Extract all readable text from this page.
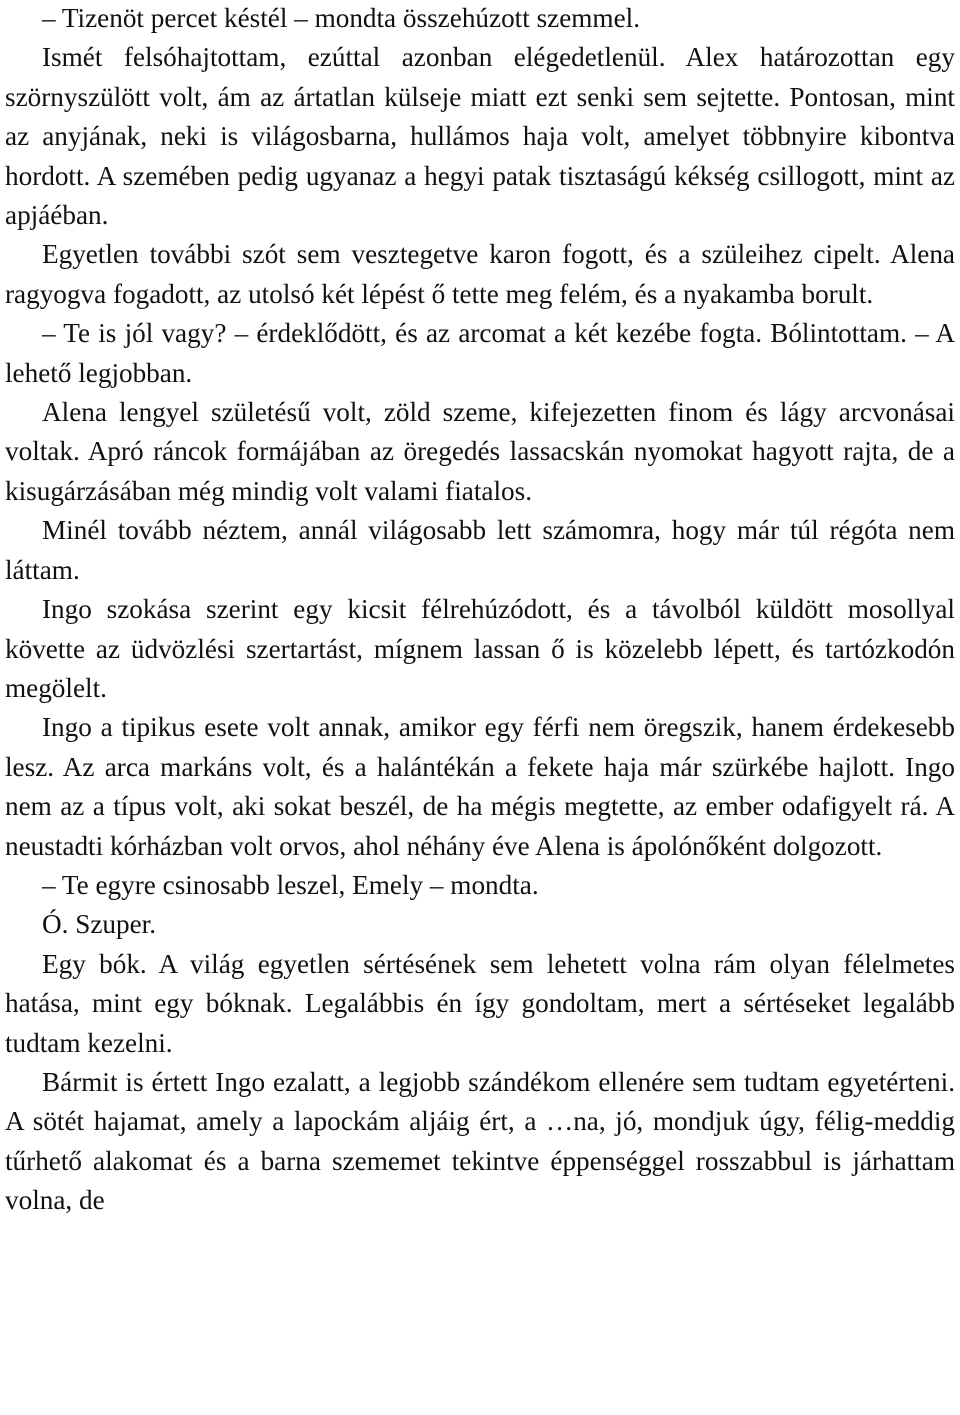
– Tizenöt percet késtél – mondta összehúzott szemmel.

Ismét felsóhajtottam, ezúttal azonban elégedetlenül. Alex határozottan egy szörnyszülött volt, ám az ártatlan külseje miatt ezt senki sem sejtette. Pontosan, mint az anyjának, neki is világosbarna, hullámos haja volt, amelyet többnyire kibontva hordott. A szemében pedig ugyanaz a hegyi patak tisztaságú kékség csillogott, mint az apjáéban.

Egyetlen további szót sem vesztegetve karon fogott, és a szüleihez cipelt. Alena ragyogva fogadott, az utolsó két lépést ő tette meg felém, és a nyakamba borult.

– Te is jól vagy? – érdeklődött, és az arcomat a két kezébe fogta. Bólintottam. – A lehető legjobban.

Alena lengyel születésű volt, zöld szeme, kifejezetten finom és lágy arcvonásai voltak. Apró ráncok formájában az öregedés lassacskán nyomokat hagyott rajta, de a kisugárzásában még mindig volt valami fiatalos.

Minél tovább néztem, annál világosabb lett számomra, hogy már túl régóta nem láttam.

Ingo szokása szerint egy kicsit félrehúzódott, és a távolból küldött mosollyal követte az üdvözlési szertartást, mígnem lassan ő is közelebb lépett, és tartózkodón megölelt.

Ingo a tipikus esete volt annak, amikor egy férfi nem öregszik, hanem érdekesebb lesz. Az arca markáns volt, és a halántékán a fekete haja már szürkébe hajlott. Ingo nem az a típus volt, aki sokat beszél, de ha mégis megtette, az ember odafigyelt rá. A neustadti kórházban volt orvos, ahol néhány éve Alena is ápolónőként dolgozott.

– Te egyre csinosabb leszel, Emely – mondta.

Ó. Szuper.

Egy bók. A világ egyetlen sértésének sem lehetett volna rám olyan félelmetes hatása, mint egy bóknak. Legalábbis én így gondoltam, mert a sértéseket legalább tudtam kezelni.

Bármit is értett Ingo ezalatt, a legjobb szándékom ellenére sem tudtam egyetérteni. A sötét hajamat, amely a lapockám aljáig ért, a …na, jó, mondjuk úgy, félig-meddig tűrhető alakomat és a barna szememet tekintve éppenséggel rosszabbul is járhattam volna, de
